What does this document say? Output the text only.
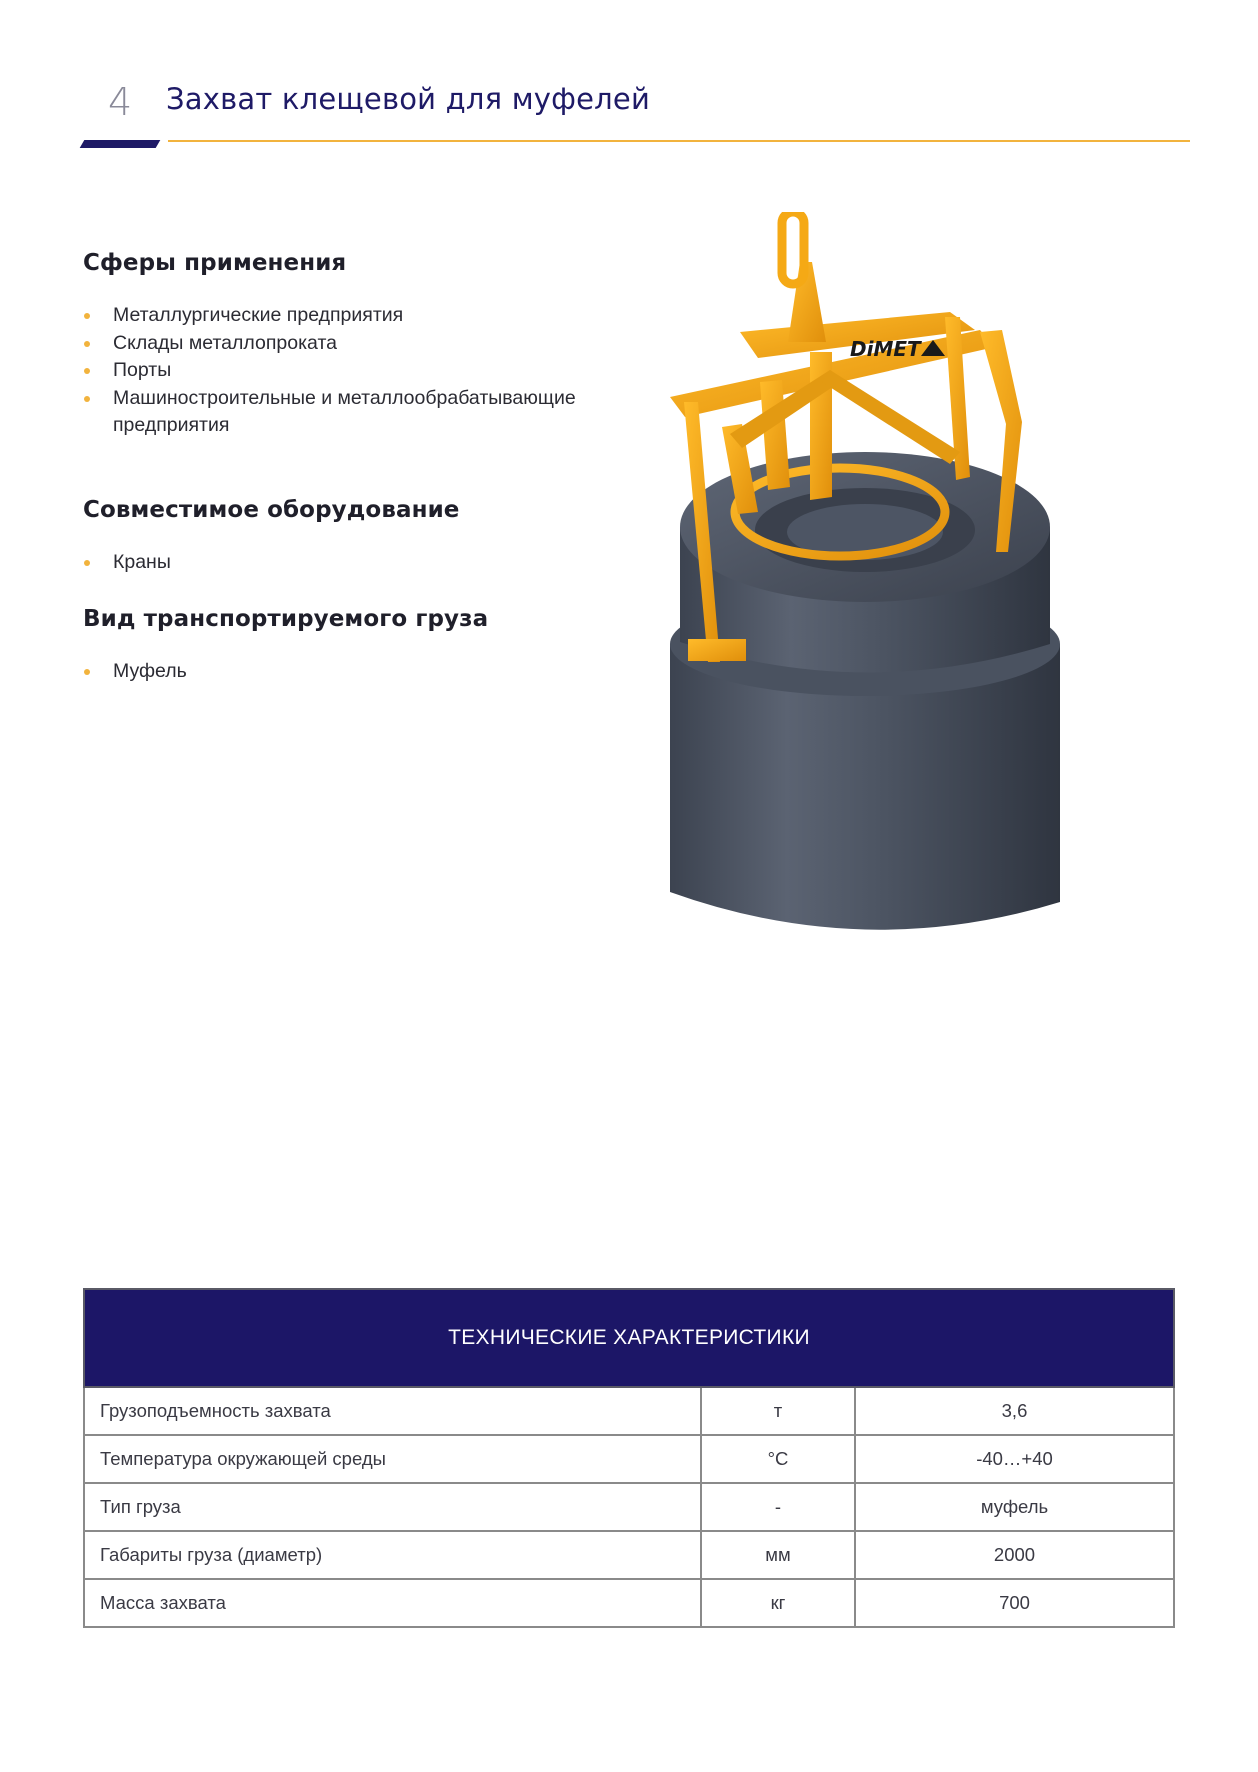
4 Захват клещевой для муфелей
Сферы применения
Металлургические предприятия
Склады металлопроката
Порты
Машиностроительные и металлообрабатывающие предприятия
Совместимое оборудование
Краны
Вид транспортируемого груза
Муфель
DiMET
ТЕХНИЧЕСКИЕ ХАРАКТЕРИСТИКИ		
Грузоподъемность захвата	т	3,6
Температура окружающей среды	°С	-40…+40
Тип груза	-	муфель
Габариты груза (диаметр)	мм	2000
Масса захвата	кг	700
